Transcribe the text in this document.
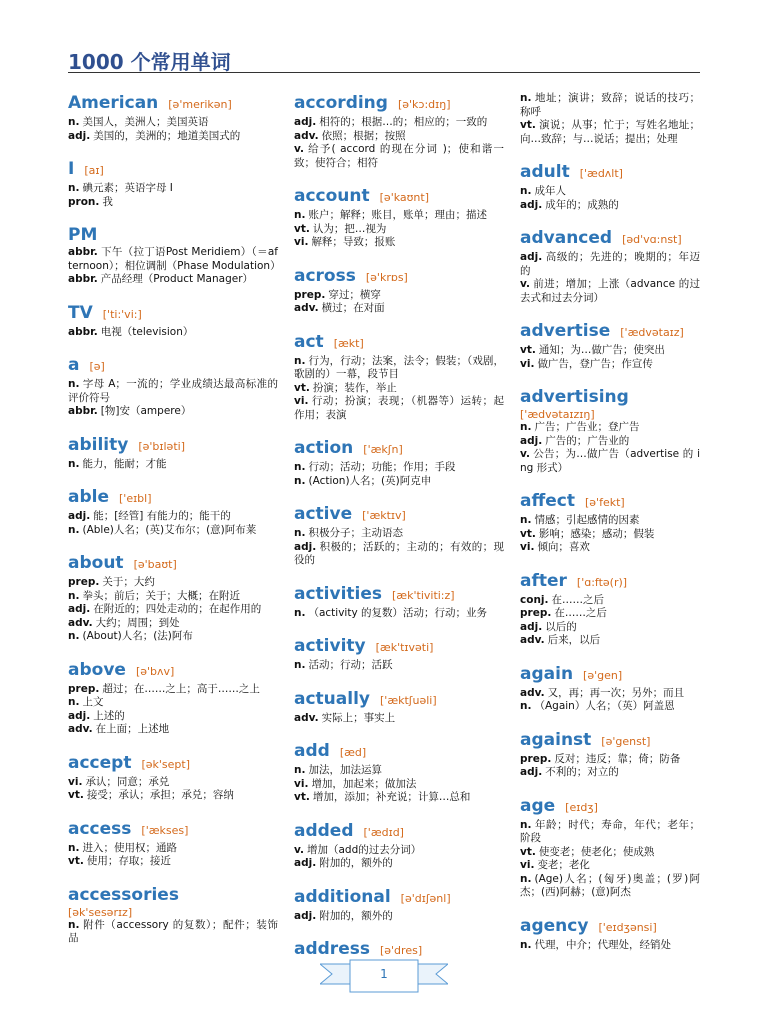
1000 个常用单词
American [ə'merikən]

n. 美国人，美洲人；美国英语

adj. 美国的，美洲的；地道美国式的

I [aɪ]

n. 碘元素；英语字母 I

pron. 我

PM

abbr. 下午（拉丁语Post Meridiem）（＝afternoon）；相位调制（Phase Modulation）

abbr. 产品经理（Product Manager）

TV ['ti:'vi:]

abbr. 电视（television）

a [ə]

n. 字母 A；一流的；学业成绩达最高标准的评价符号

abbr. [物]安（ampere）

ability [ə'bɪləti]

n. 能力，能耐；才能

able ['eɪbl]

adj. 能；[经管] 有能力的；能干的

n. (Able)人名；(英)艾布尔；(意)阿布莱

about [ə'baʊt]

prep. 关于；大约

n. 拳头；前后；关于；大概；在附近

adj. 在附近的；四处走动的；在起作用的

adv. 大约；周围；到处

n. (About)人名；(法)阿布

above [ə'bʌv]

prep. 超过；在……之上；高于……之上

n. 上文

adj. 上述的

adv. 在上面；上述地

accept [ək'sept]

vi. 承认；同意；承兑

vt. 接受；承认；承担；承兑；容纳

access ['ækses]

n. 进入；使用权；通路

vt. 使用；存取；接近

accessories
[ək'sesərɪz]

n. 附件（accessory 的复数）；配件；装饰品

according [ə'kɔ:dɪŋ]

adj. 相符的；根据…的；相应的；一致的

adv. 依照；根据；按照

v. 给予( accord 的现在分词 )；使和谐一致；使符合；相符

account [ə'kaʊnt]

n. 账户；解释；账目，账单；理由；描述

vt. 认为；把…视为

vi. 解释；导致；报账

across [ə'krɒs]

prep. 穿过；横穿

adv. 横过；在对面

act [ækt]

n. 行为，行动；法案，法令；假装；（戏剧，歌剧的）一幕，段节目

vt. 扮演；装作，举止

vi. 行动；扮演；表现；（机器等）运转；起作用；表演

action ['ækʃn]

n. 行动；活动；功能；作用；手段

n. (Action)人名；(英)阿克申

active ['æktɪv]

n. 积极分子；主动语态

adj. 积极的；活跃的；主动的；有效的；现役的

activities [æk'tiviti:z]

n. （activity 的复数）活动；行动；业务

activity [æk'tɪvəti]

n. 活动；行动；活跃

actually ['æktʃuəli]

adv. 实际上；事实上

add [æd]

n. 加法，加法运算

vi. 增加，加起来；做加法

vt. 增加，添加；补充说；计算…总和

added ['ædɪd]

v. 增加（add的过去分词）

adj. 附加的，额外的

additional [ə'dɪʃənl]

adj. 附加的，额外的

address [ə'dres]

n. 地址；演讲；致辞；说话的技巧；称呼

vt. 演说；从事；忙于；写姓名地址；向…致辞；与…说话；提出；处理

adult ['ædʌlt]

n. 成年人

adj. 成年的；成熟的

advanced [əd'vɑ:nst]

adj. 高级的；先进的；晚期的；年迈的

v. 前进；增加；上涨（advance 的过去式和过去分词）

advertise ['ædvətaɪz]

vt. 通知；为…做广告；使突出

vi. 做广告，登广告；作宣传

advertising
['ædvətaɪzɪŋ]

n. 广告；广告业；登广告

adj. 广告的；广告业的

v. 公告；为…做广告（advertise 的 ing 形式）

affect [ə'fekt]

n. 情感；引起感情的因素

vt. 影响；感染；感动；假装

vi. 倾向；喜欢

after ['ɑ:ftə(r)]

conj. 在……之后

prep. 在……之后

adj. 以后的

adv. 后来，以后

again [ə'gen]

adv. 又，再；再一次；另外；而且

n. （Again）人名；（英）阿盖恩

against [ə'genst]

prep. 反对；违反；靠；倚；防备

adj. 不利的；对立的

age [eɪdʒ]

n. 年龄；时代；寿命，年代；老年；阶段

vt. 使变老；使老化；使成熟

vi. 变老；老化

n. (Age)人名；(匈牙)奥盖；(罗)阿杰；(西)阿赫；(意)阿杰

agency ['eɪdʒənsi]

n. 代理，中介；代理处，经销处

1
